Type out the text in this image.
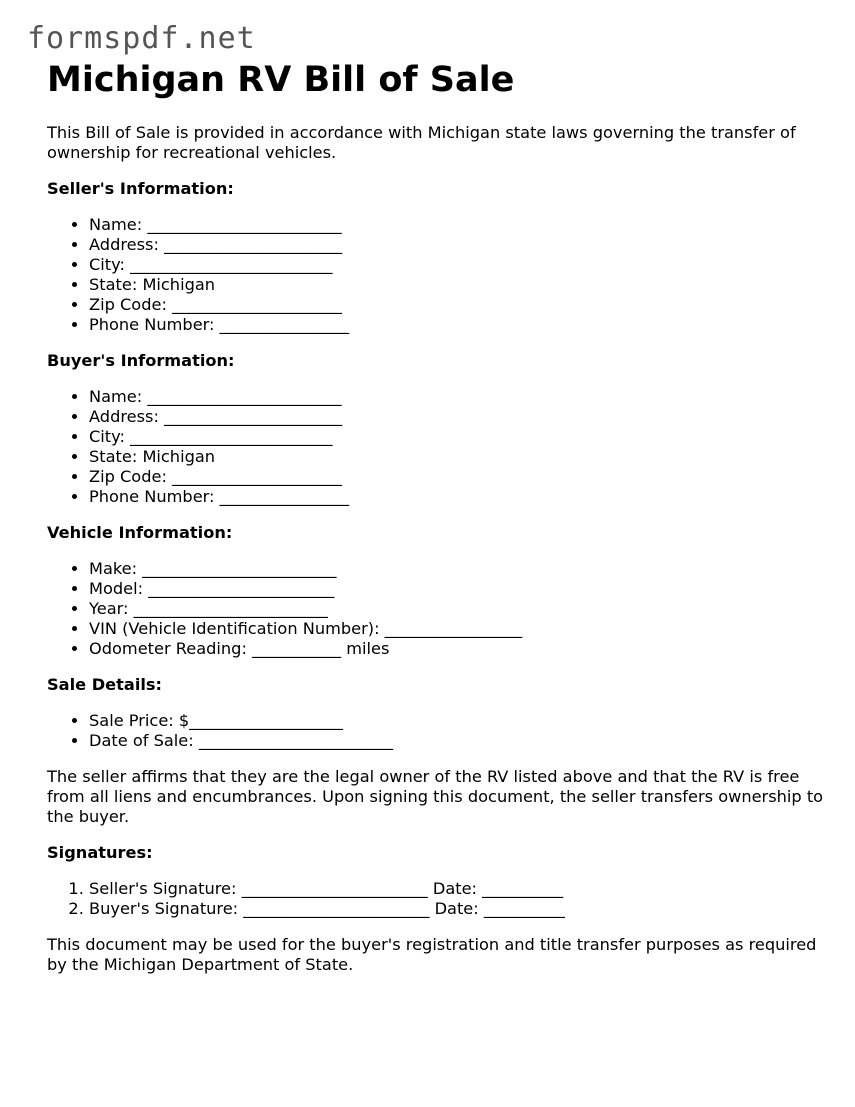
formspdf.net
Michigan RV Bill of Sale

This Bill of Sale is provided in accordance with Michigan state laws governing the transfer of ownership for recreational vehicles.

Seller's Information:
• Name: ________________________
• Address: ______________________
• City: _________________________
• State: Michigan
• Zip Code: _____________________
• Phone Number: ________________
Buyer's Information:
• Name: ________________________
• Address: ______________________
• City: _________________________
• State: Michigan
• Zip Code: _____________________
• Phone Number: ________________
Vehicle Information:
• Make: ________________________
• Model: _______________________
• Year: ________________________
• VIN (Vehicle Identification Number): _________________
• Odometer Reading: ___________ miles
Sale Details:
• Sale Price: $___________________
• Date of Sale: ________________________

The seller affirms that they are the legal owner of the RV listed above and that the RV is free from all liens and encumbrances. Upon signing this document, the seller transfers ownership to the buyer.

Signatures:
1. Seller's Signature: _______________________ Date: __________
2. Buyer's Signature: _______________________ Date: __________

This document may be used for the buyer's registration and title transfer purposes as required by the Michigan Department of State.
